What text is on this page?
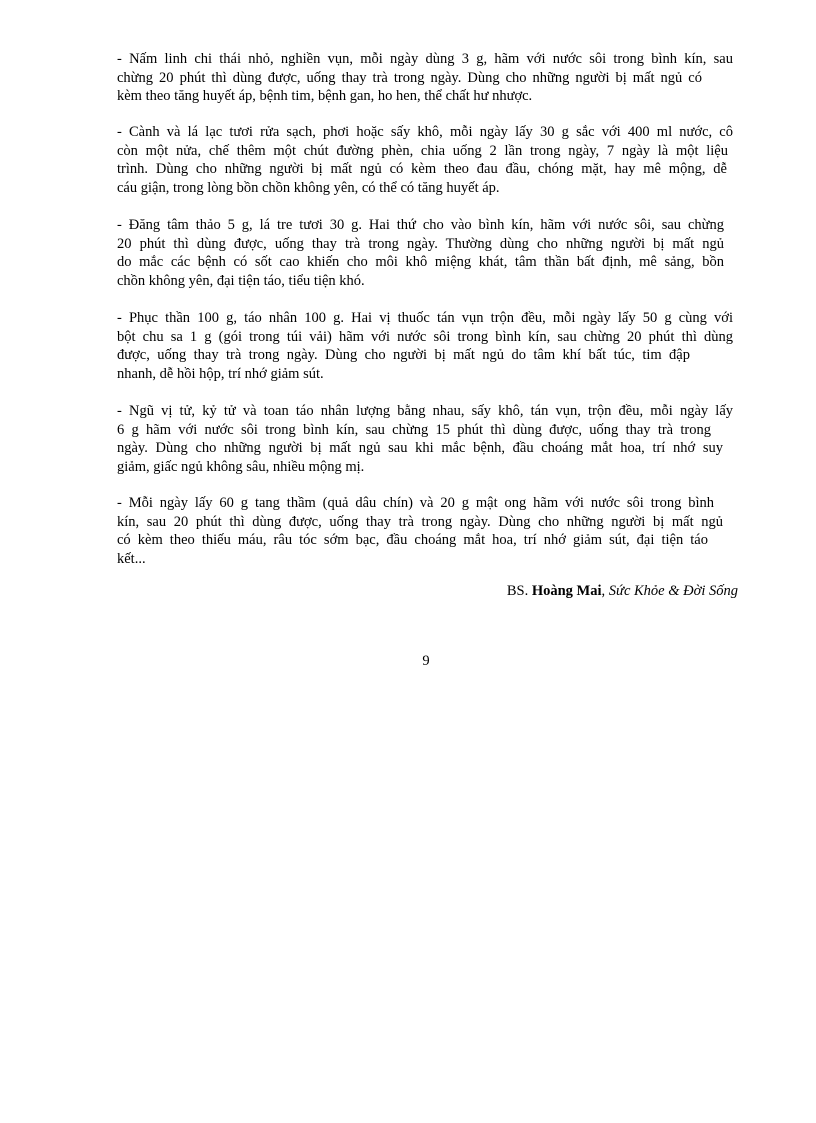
- Nấm linh chi thái nhỏ, nghiền vụn, mỗi ngày dùng 3 g, hãm với nước sôi trong bình kín, sau
chừng 20 phút thì dùng được, uống thay trà trong ngày. Dùng cho những người bị mất ngủ có
kèm theo tăng huyết áp, bệnh tim, bệnh gan, ho hen, thể chất hư nhược.
- Cành và lá lạc tươi rửa sạch, phơi hoặc sấy khô, mỗi ngày lấy 30 g sắc với 400 ml nước, cô
còn một nửa, chế thêm một chút đường phèn, chia uống 2 lần trong ngày, 7 ngày là một liệu
trình. Dùng cho những người bị mất ngủ có kèm theo đau đầu, chóng mặt, hay mê mộng, dễ
cáu giận, trong lòng bồn chồn không yên, có thể có tăng huyết áp.
- Đăng tâm thảo 5 g, lá tre tươi 30 g. Hai thứ cho vào bình kín, hãm với nước sôi, sau chừng
20 phút thì dùng được, uống thay trà trong ngày. Thường dùng cho những người bị mất ngủ
do mắc các bệnh có sốt cao khiến cho môi khô miệng khát, tâm thần bất định, mê sảng, bồn
chồn không yên, đại tiện táo, tiểu tiện khó.
- Phục thần 100 g, táo nhân 100 g. Hai vị thuốc tán vụn trộn đều, mỗi ngày lấy 50 g cùng với
bột chu sa 1 g (gói trong túi vải) hãm với nước sôi trong bình kín, sau chừng 20 phút thì dùng
được, uống thay trà trong ngày. Dùng cho người bị mất ngủ do tâm khí bất túc, tim đập
nhanh, dễ hồi hộp, trí nhớ giảm sút.
- Ngũ vị tử, kỷ tử và toan táo nhân lượng bằng nhau, sấy khô, tán vụn, trộn đều, mỗi ngày lấy
6 g hãm với nước sôi trong bình kín, sau chừng 15 phút thì dùng được, uống thay trà trong
ngày. Dùng cho những người bị mất ngủ sau khi mắc bệnh, đầu choáng mắt hoa, trí nhớ suy
giảm, giấc ngủ không sâu, nhiều mộng mị.
- Mỗi ngày lấy 60 g tang thầm (quả dâu chín) và 20 g mật ong hãm với nước sôi trong bình
kín, sau 20 phút thì dùng được, uống thay trà trong ngày. Dùng cho những người bị mất ngủ
có kèm theo thiếu máu, râu tóc sớm bạc, đầu choáng mắt hoa, trí nhớ giảm sút, đại tiện táo
kết...
BS. Hoàng Mai, Sức Khỏe & Đời Sống
9
